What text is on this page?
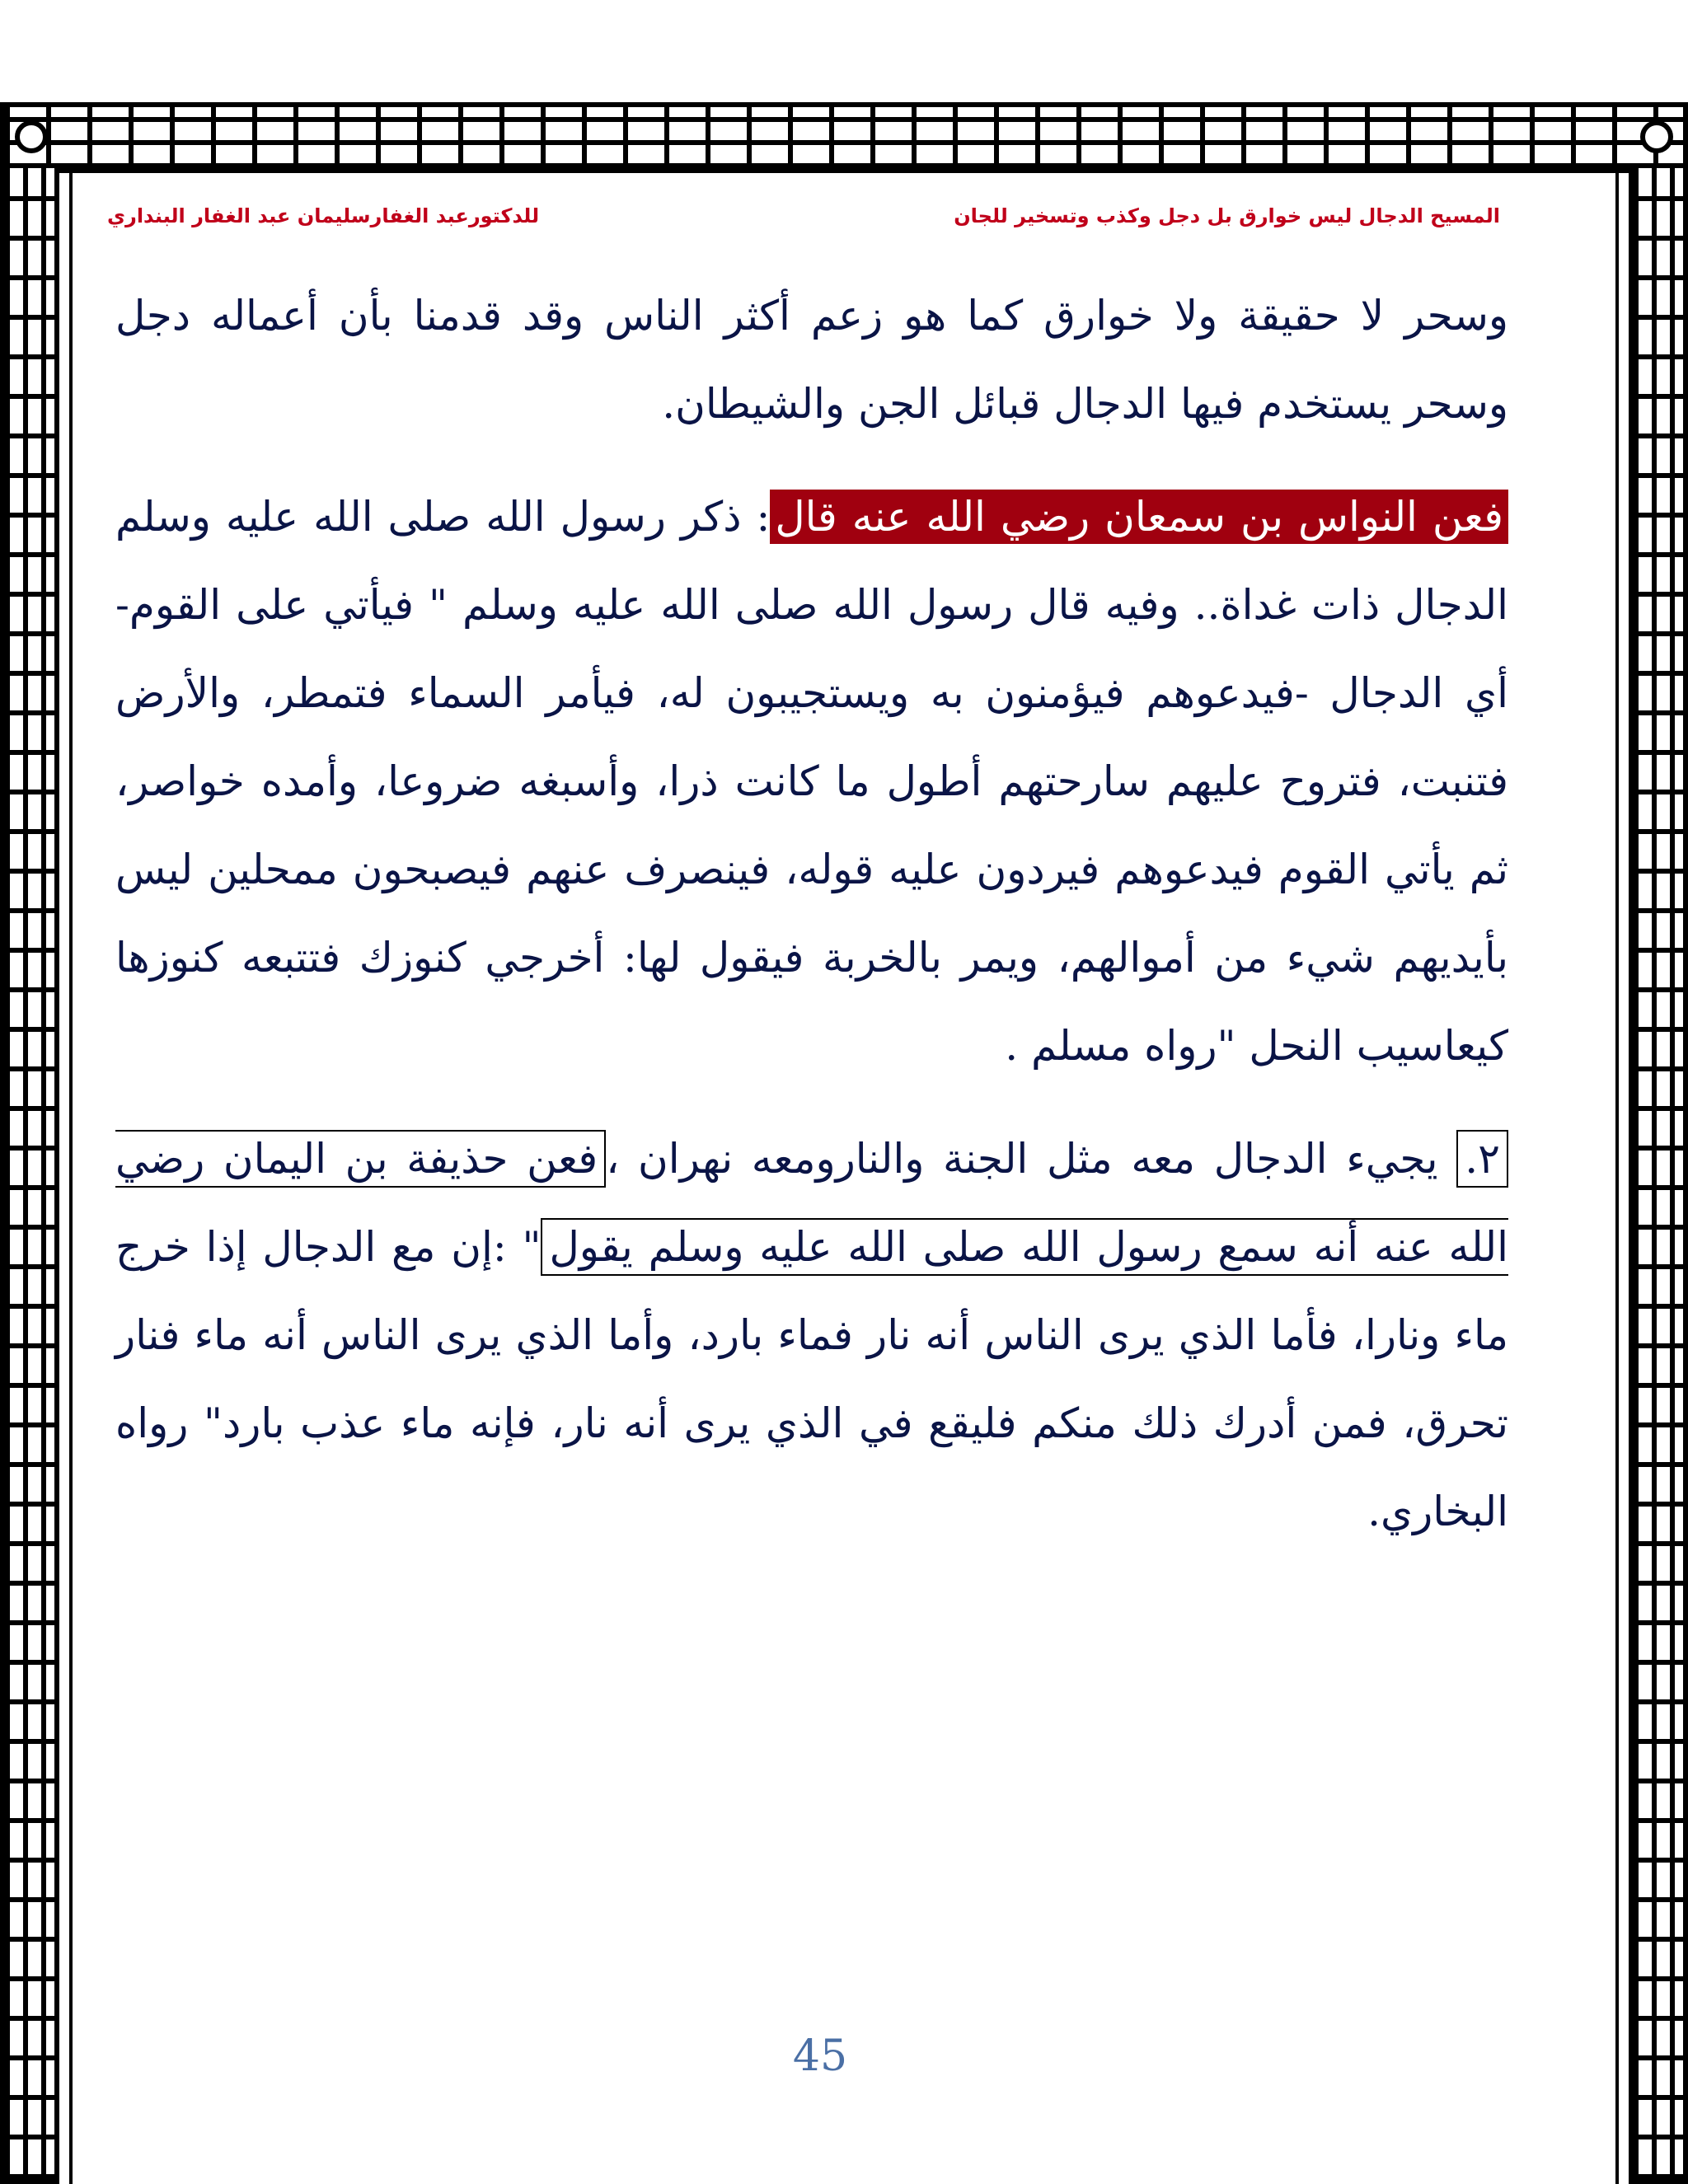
المسيح الدجال ليس خوارق بل دجل وكذب وتسخير للجان
للدكتورعبد الغفارسليمان عبد الغفار البنداري

وسحر لا حقيقة ولا خوارق كما هو زعم أكثر الناس وقد قدمنا بأن أعماله دجل وسحر يستخدم فيها الدجال قبائل الجن والشيطان.

فعن النواس بن سمعان رضي الله عنه قال: ذكر رسول الله صلى الله عليه وسلم الدجال ذات غداة.. وفيه قال رسول الله صلى الله عليه وسلم " فيأتي على القوم- أي الدجال -فيدعوهم فيؤمنون به ويستجيبون له، فيأمر السماء فتمطر، والأرض فتنبت، فتروح عليهم سارحتهم أطول ما كانت ذرا، وأسبغه ضروعا، وأمده خواصر، ثم يأتي القوم فيدعوهم فيردون عليه قوله، فينصرف عنهم فيصبحون ممحلين ليس بأيديهم شيء من أموالهم، ويمر بالخربة فيقول لها: أخرجي كنوزك فتتبعه كنوزها كيعاسيب النحل "رواه مسلم .

٢. يجيء الدجال معه مثل الجنة والنارومعه نهران ،فعن حذيفة بن اليمان رضي الله عنه أنه سمع رسول الله صلى الله عليه وسلم يقول" :إن مع الدجال إذا خرج ماء ونارا، فأما الذي يرى الناس أنه نار فماء بارد، وأما الذي يرى الناس أنه ماء فنار تحرق، فمن أدرك ذلك منكم فليقع في الذي يرى أنه نار، فإنه ماء عذب بارد" رواه البخاري.

45
